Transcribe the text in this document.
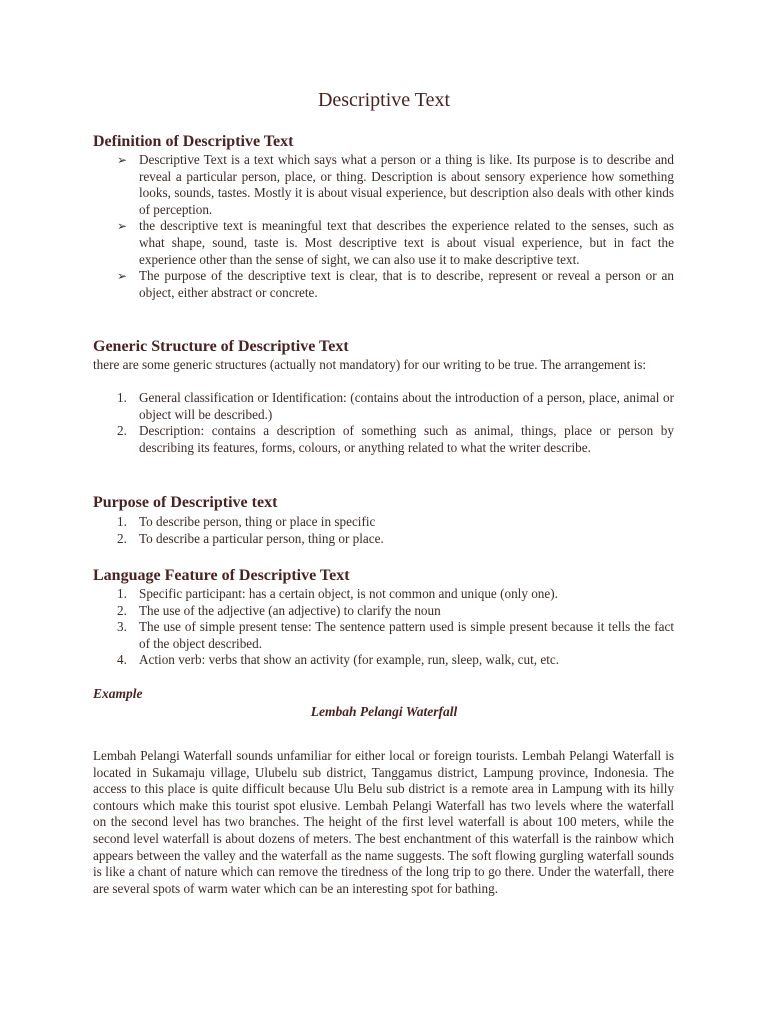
Descriptive Text
Definition of Descriptive Text
➢ Descriptive Text is a text which says what a person or a thing is like. Its purpose is to describe and reveal a particular person, place, or thing. Description is about sensory experience how something looks, sounds, tastes. Mostly it is about visual experience, but description also deals with other kinds of perception.
➢ the descriptive text is meaningful text that describes the experience related to the senses, such as what shape, sound, taste is. Most descriptive text is about visual experience, but in fact the experience other than the sense of sight, we can also use it to make descriptive text.
➢ The purpose of the descriptive text is clear, that is to describe, represent or reveal a person or an object, either abstract or concrete.
Generic Structure of Descriptive Text
there are some generic structures (actually not mandatory) for our writing to be true. The arrangement is:
1. General classification or Identification: (contains about the introduction of a person, place, animal or object will be described.)
2. Description: contains a description of something such as animal, things, place or person by describing its features, forms, colours, or anything related to what the writer describe.
Purpose of Descriptive text
1. To describe person, thing or place in specific
2. To describe a particular person, thing or place.
Language Feature of Descriptive Text
1. Specific participant: has a certain object, is not common and unique (only one).
2. The use of the adjective (an adjective) to clarify the noun
3. The use of simple present tense: The sentence pattern used is simple present because it tells the fact of the object described.
4. Action verb: verbs that show an activity (for example, run, sleep, walk, cut, etc.
Example
Lembah Pelangi Waterfall
Lembah Pelangi Waterfall sounds unfamiliar for either local or foreign tourists. Lembah Pelangi Waterfall is located in Sukamaju village, Ulubelu sub district, Tanggamus district, Lampung province, Indonesia. The access to this place is quite difficult because Ulu Belu sub district is a remote area in Lampung with its hilly contours which make this tourist spot elusive. Lembah Pelangi Waterfall has two levels where the waterfall on the second level has two branches. The height of the first level waterfall is about 100 meters, while the second level waterfall is about dozens of meters. The best enchantment of this waterfall is the rainbow which appears between the valley and the waterfall as the name suggests. The soft flowing gurgling waterfall sounds is like a chant of nature which can remove the tiredness of the long trip to go there. Under the waterfall, there are several spots of warm water which can be an interesting spot for bathing.
